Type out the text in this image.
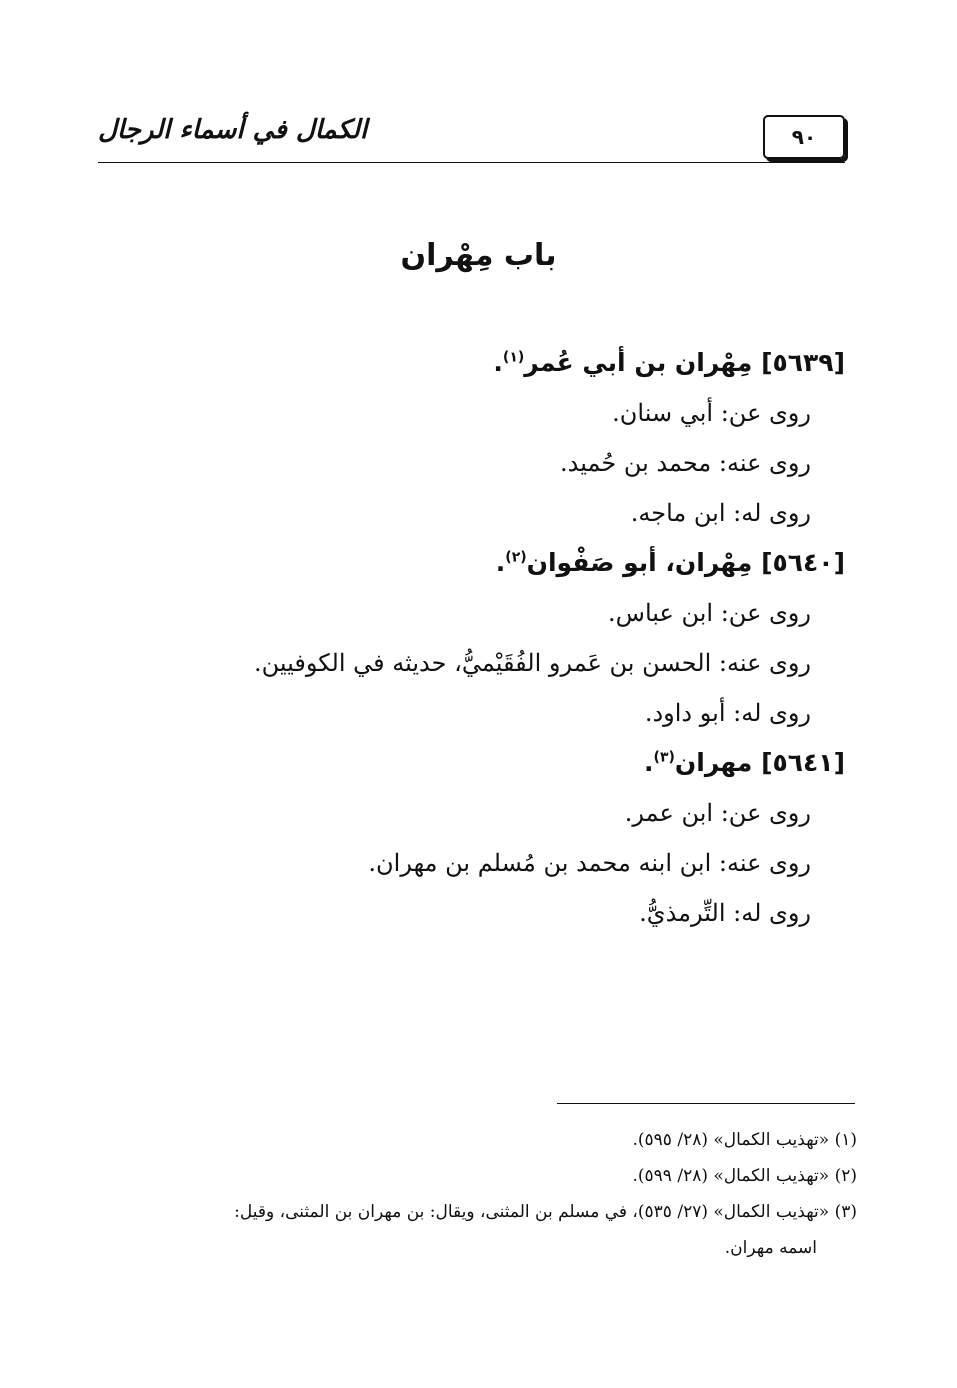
٩٠
الكمال في أسماء الرجال
باب مِهْران
[٥٦٣٩] مِهْران بن أبي عُمر$^{(١)}$.
روى عن: أبي سنان.
روى عنه: محمد بن حُميد.
روى له: ابن ماجه.
[٥٦٤٠] مِهْران، أبو صَفْوان$^{(٢)}$.
روى عن: ابن عباس.
روى عنه: الحسن بن عَمرو الفُقَيْميُّ، حديثه في الكوفيين.
روى له: أبو داود.
[٥٦٤١] مهران$^{(٣)}$.
روى عن: ابن عمر.
روى عنه: ابن ابنه محمد بن مُسلم بن مهران.
روى له: التِّرمذيُّ.
(١) «تهذيب الكمال» (٢٨/ ٥٩٥).
(٢) «تهذيب الكمال» (٢٨/ ٥٩٩).
(٣) «تهذيب الكمال» (٢٧/ ٥٣٥)، في مسلم بن المثنى، ويقال: بن مهران بن المثنى، وقيل:
اسمه مهران.
